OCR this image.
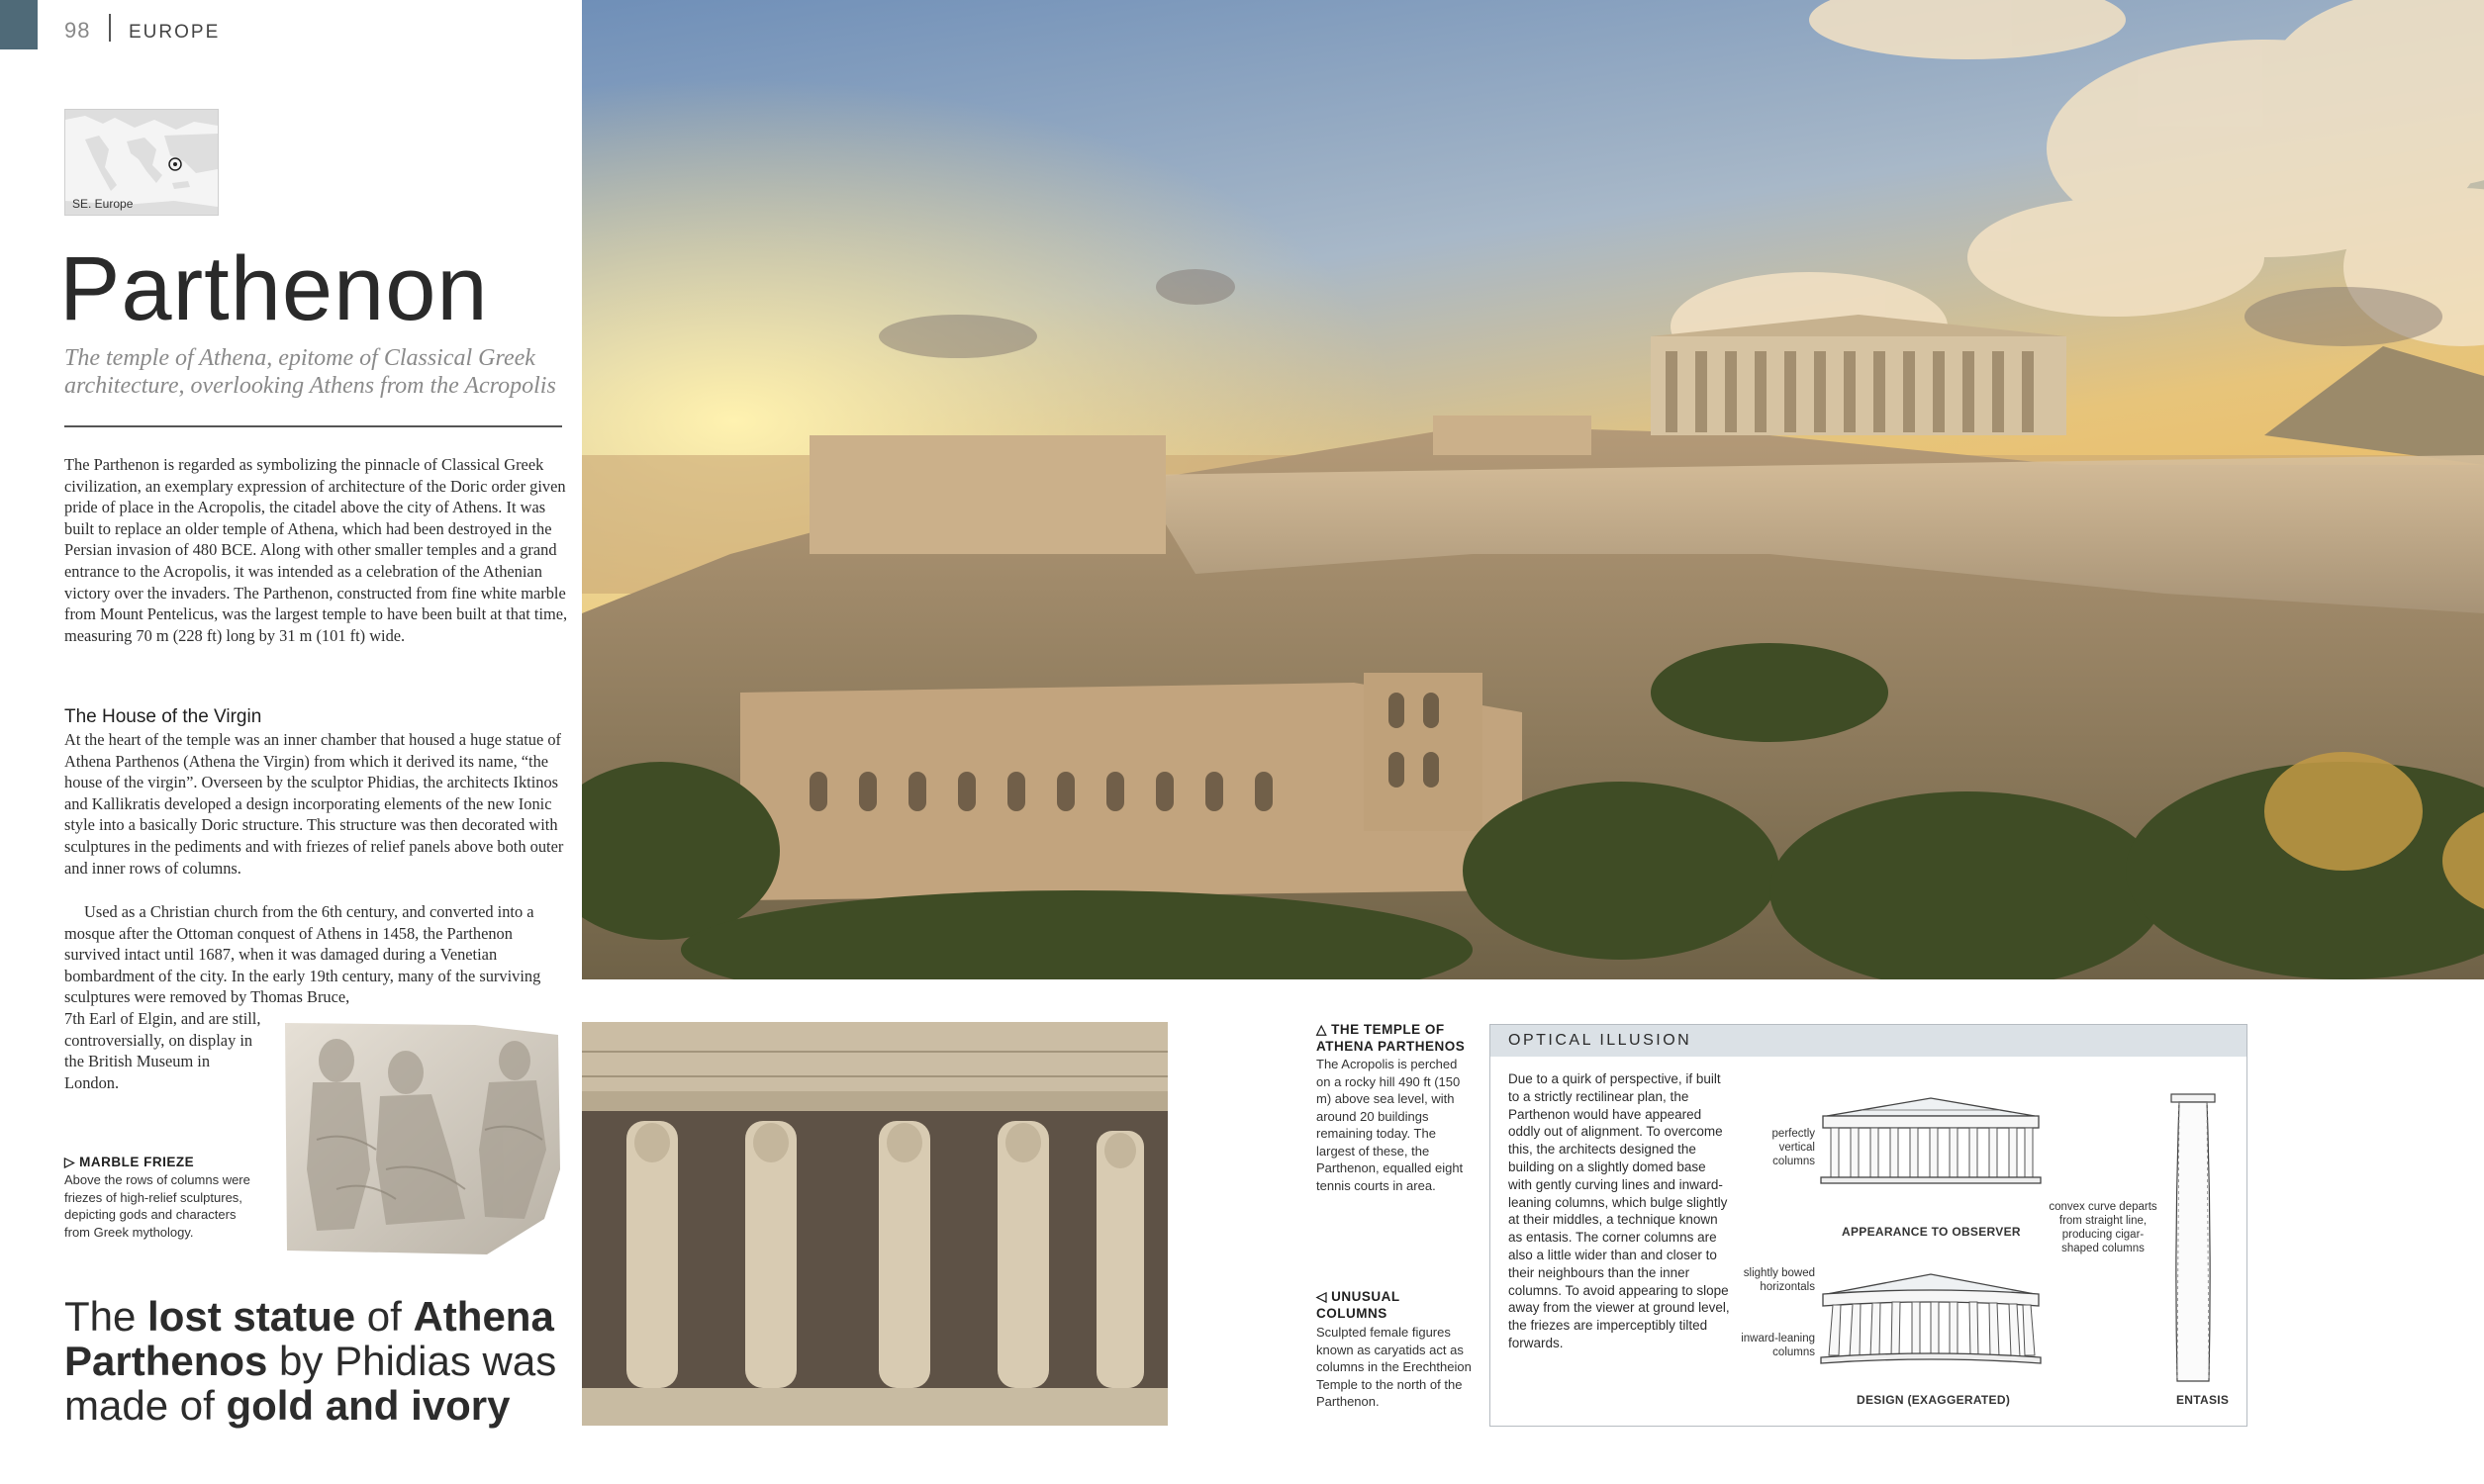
98 EUROPE
SE. Europe
Parthenon
The temple of Athena, epitome of Classical Greek architecture, overlooking Athens from the Acropolis
The Parthenon is regarded as symbolizing the pinnacle of Classical Greek civilization, an exemplary expression of architecture of the Doric order given pride of place in the Acropolis, the citadel above the city of Athens. It was built to replace an older temple of Athena, which had been destroyed in the Persian invasion of 480 BCE. Along with other smaller temples and a grand entrance to the Acropolis, it was intended as a celebration of the Athenian victory over the invaders. The Parthenon, constructed from fine white marble from Mount Pentelicus, was the largest temple to have been built at that time, measuring 70 m (228 ft) long by 31 m (101 ft) wide.
The House of the Virgin
At the heart of the temple was an inner chamber that housed a huge statue of Athena Parthenos (Athena the Virgin) from which it derived its name, “the house of the virgin”. Overseen by the sculptor Phidias, the architects Iktinos and Kallikratis developed a design incorporating elements of the new Ionic style into a basically Doric structure. This structure was then decorated with sculptures in the pediments and with friezes of relief panels above both outer and inner rows of columns.
Used as a Christian church from the 6th century, and converted into a mosque after the Ottoman conquest of Athens in 1458, the Parthenon survived intact until 1687, when it was damaged during a Venetian bombardment of the city. In the early 19th century, many of the surviving sculptures were removed by Thomas Bruce,
7th Earl of Elgin, and are still, controversially, on display in the British Museum in London.
▷ MARBLE FRIEZE
Above the rows of columns were friezes of high-relief sculptures, depicting gods and characters from Greek mythology.
The lost statue of Athena Parthenos by Phidias was made of gold and ivory
△ THE TEMPLE OF ATHENA PARTHENOS
The Acropolis is perched on a rocky hill 490 ft (150 m) above sea level, with around 20 buildings remaining today. The largest of these, the Parthenon, equalled eight tennis courts in area.
◁ UNUSUAL COLUMNS
Sculpted female figures known as caryatids act as columns in the Erechtheion Temple to the north of the Parthenon.
OPTICAL ILLUSION
Due to a quirk of perspective, if built to a strictly rectilinear plan, the Parthenon would have appeared oddly out of alignment. To overcome this, the architects designed the building on a slightly domed base with gently curving lines and inward-leaning columns, which bulge slightly at their middles, a technique known as entasis. The corner columns are also a little wider than and closer to their neighbours than the inner columns. To avoid appearing to slope away from the viewer at ground level, the friezes are imperceptibly tilted forwards.
perfectly vertical columns
slightly bowed horizontals
inward-leaning columns
convex curve departs from straight line, producing cigar-shaped columns
APPEARANCE TO OBSERVER
DESIGN (EXAGGERATED)	ENTASIS
